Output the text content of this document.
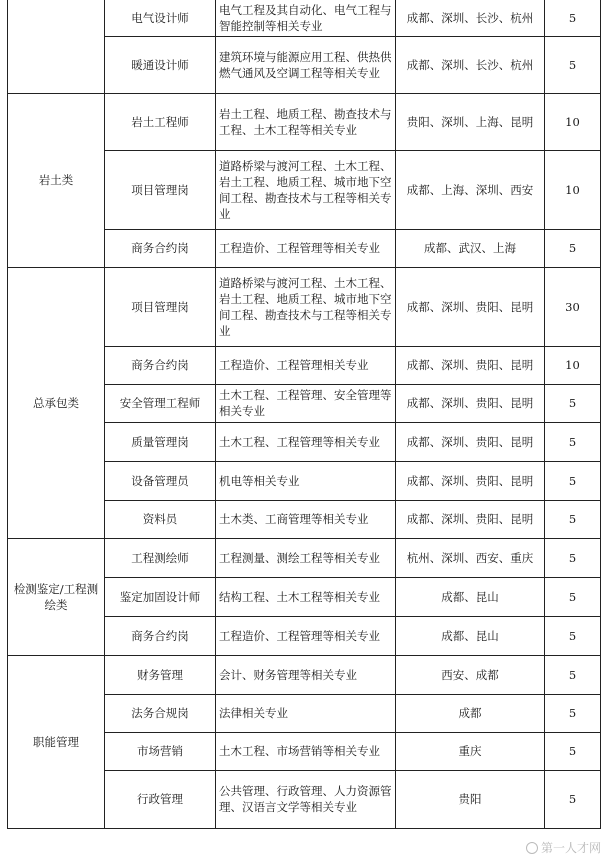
	电气设计师	电气工程及其自动化、电气工程与智能控制等相关专业	成都、深圳、长沙、杭州	5
	暖通设计师	建筑环境与能源应用工程、供热供燃气通风及空调工程等相关专业	成都、深圳、长沙、杭州	5
岩土类	岩土工程师	岩土工程、地质工程、勘查技术与工程、土木工程等相关专业	贵阳、深圳、上海、昆明	10
	项目管理岗	道路桥梁与渡河工程、土木工程、岩土工程、地质工程、城市地下空间工程、勘查技术与工程等相关专业	成都、上海、深圳、西安	10
	商务合约岗	工程造价、工程管理等相关专业	成都、武汉、上海	5
总承包类	项目管理岗	道路桥梁与渡河工程、土木工程、岩土工程、地质工程、城市地下空间工程、勘查技术与工程等相关专业	成都、深圳、贵阳、昆明	30
	商务合约岗	工程造价、工程管理相关专业	成都、深圳、贵阳、昆明	10
	安全管理工程师	土木工程、工程管理、安全管理等相关专业	成都、深圳、贵阳、昆明	5
	质量管理岗	土木工程、工程管理等相关专业	成都、深圳、贵阳、昆明	5
	设备管理员	机电等相关专业	成都、深圳、贵阳、昆明	5
	资料员	土木类、工商管理等相关专业	成都、深圳、贵阳、昆明	5
检测鉴定/工程测绘类	工程测绘师	工程测量、测绘工程等相关专业	杭州、深圳、西安、重庆	5
	鉴定加固设计师	结构工程、土木工程等相关专业	成都、昆山	5
	商务合约岗	工程造价、工程管理等相关专业	成都、昆山	5
职能管理	财务管理	会计、财务管理等相关专业	西安、成都	5
	法务合规岗	法律相关专业	成都	5
	市场营销	土木工程、市场营销等相关专业	重庆	5
	行政管理	公共管理、行政管理、人力资源管理、汉语言文学等相关专业	贵阳	5
第一人才网
